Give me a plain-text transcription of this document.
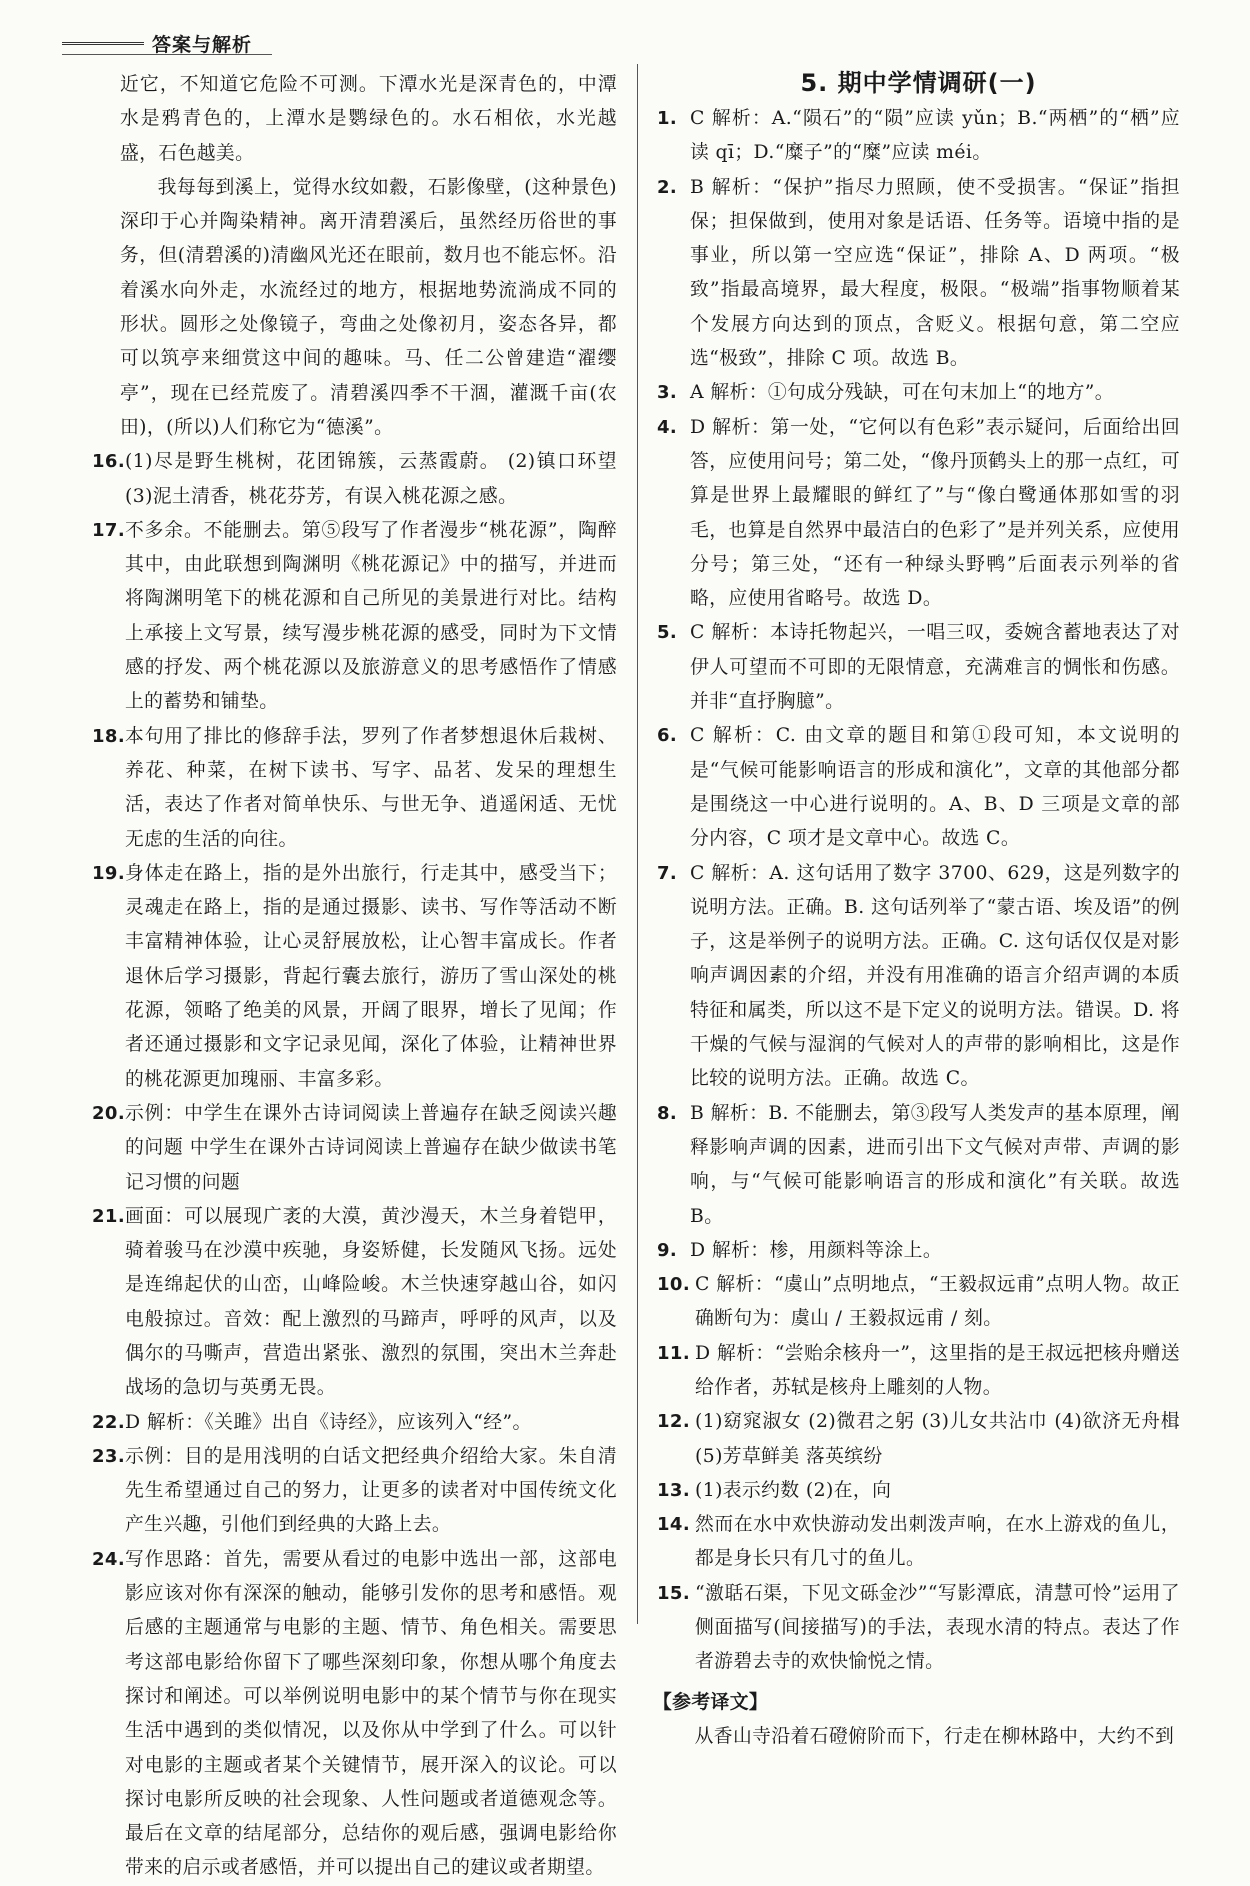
答案与解析

近它，不知道它危险不可测。下潭水光是深青色的，中潭水是鸦青色的，上潭水是鹦绿色的。水石相依，水光越盛，石色越美。

我每每到溪上，觉得水纹如縠，石影像壁，(这种景色)深印于心并陶染精神。离开清碧溪后，虽然经历俗世的事务，但(清碧溪的)清幽风光还在眼前，数月也不能忘怀。沿着溪水向外走，水流经过的地方，根据地势流淌成不同的形状。圆形之处像镜子，弯曲之处像初月，姿态各异，都可以筑亭来细赏这中间的趣味。马、任二公曾建造“濯缨亭”，现在已经荒废了。清碧溪四季不干涸，灌溉千亩(农田)，(所以)人们称它为“德溪”。

16. (1)尽是野生桃树，花团锦簇，云蒸霞蔚。 (2)镇口环望 (3)泥土清香，桃花芬芳，有误入桃花源之感。
17. 不多余。不能删去。第⑤段写了作者漫步“桃花源”，陶醉其中，由此联想到陶渊明《桃花源记》中的描写，并进而将陶渊明笔下的桃花源和自己所见的美景进行对比。结构上承接上文写景，续写漫步桃花源的感受，同时为下文情感的抒发、两个桃花源以及旅游意义的思考感悟作了情感上的蓄势和铺垫。
18. 本句用了排比的修辞手法，罗列了作者梦想退休后栽树、养花、种菜，在树下读书、写字、品茗、发呆的理想生活，表达了作者对简单快乐、与世无争、逍遥闲适、无忧无虑的生活的向往。
19. 身体走在路上，指的是外出旅行，行走其中，感受当下；灵魂走在路上，指的是通过摄影、读书、写作等活动不断丰富精神体验，让心灵舒展放松，让心智丰富成长。作者退休后学习摄影，背起行囊去旅行，游历了雪山深处的桃花源，领略了绝美的风景，开阔了眼界，增长了见闻；作者还通过摄影和文字记录见闻，深化了体验，让精神世界的桃花源更加瑰丽、丰富多彩。
20. 示例：中学生在课外古诗词阅读上普遍存在缺乏阅读兴趣的问题 中学生在课外古诗词阅读上普遍存在缺少做读书笔记习惯的问题
21. 画面：可以展现广袤的大漠，黄沙漫天，木兰身着铠甲，骑着骏马在沙漠中疾驰，身姿矫健，长发随风飞扬。远处是连绵起伏的山峦，山峰险峻。木兰快速穿越山谷，如闪电般掠过。音效：配上激烈的马蹄声，呼呼的风声，以及偶尔的马嘶声，营造出紧张、激烈的氛围，突出木兰奔赴战场的急切与英勇无畏。
22. D 解析：《关雎》出自《诗经》，应该列入“经”。
23. 示例：目的是用浅明的白话文把经典介绍给大家。朱自清先生希望通过自己的努力，让更多的读者对中国传统文化产生兴趣，引他们到经典的大路上去。
24. 写作思路：首先，需要从看过的电影中选出一部，这部电影应该对你有深深的触动，能够引发你的思考和感悟。观后感的主题通常与电影的主题、情节、角色相关。需要思考这部电影给你留下了哪些深刻印象，你想从哪个角度去探讨和阐述。可以举例说明电影中的某个情节与你在现实生活中遇到的类似情况，以及你从中学到了什么。可以针对电影的主题或者某个关键情节，展开深入的议论。可以探讨电影所反映的社会现象、人性问题或者道德观念等。最后在文章的结尾部分，总结你的观后感，强调电影给你带来的启示或者感悟，并可以提出自己的建议或者期望。
5. 期中学情调研(一)
1. C 解析：A.“陨石”的“陨”应读 yǔn；B.“两栖”的“栖”应读 qī；D.“糜子”的“糜”应读 méi。
2. B 解析：“保护”指尽力照顾，使不受损害。“保证”指担保；担保做到，使用对象是话语、任务等。语境中指的是事业，所以第一空应选“保证”，排除 A、D 两项。“极致”指最高境界，最大程度，极限。“极端”指事物顺着某个发展方向达到的顶点，含贬义。根据句意，第二空应选“极致”，排除 C 项。故选 B。
3. A 解析：①句成分残缺，可在句末加上“的地方”。
4. D 解析：第一处，“它何以有色彩”表示疑问，后面给出回答，应使用问号；第二处，“像丹顶鹤头上的那一点红，可算是世界上最耀眼的鲜红了”与“像白鹭通体那如雪的羽毛，也算是自然界中最洁白的色彩了”是并列关系，应使用分号；第三处，“还有一种绿头野鸭”后面表示列举的省略，应使用省略号。故选 D。
5. C 解析：本诗托物起兴，一唱三叹，委婉含蓄地表达了对伊人可望而不可即的无限情意，充满难言的惆怅和伤感。并非“直抒胸臆”。
6. C 解析：C. 由文章的题目和第①段可知，本文说明的是“气候可能影响语言的形成和演化”，文章的其他部分都是围绕这一中心进行说明的。A、B、D 三项是文章的部分内容，C 项才是文章中心。故选 C。
7. C 解析：A. 这句话用了数字 3700、629，这是列数字的说明方法。正确。B. 这句话列举了“蒙古语、埃及语”的例子，这是举例子的说明方法。正确。C. 这句话仅仅是对影响声调因素的介绍，并没有用准确的语言介绍声调的本质特征和属类，所以这不是下定义的说明方法。错误。D. 将干燥的气候与湿润的气候对人的声带的影响相比，这是作比较的说明方法。正确。故选 C。
8. B 解析：B. 不能删去，第③段写人类发声的基本原理，阐释影响声调的因素，进而引出下文气候对声带、声调的影响，与“气候可能影响语言的形成和演化”有关联。故选 B。
9. D 解析：椮，用颜料等涂上。
10. C 解析：“虞山”点明地点，“王毅叔远甫”点明人物。故正确断句为：虞山 / 王毅叔远甫 / 刻。
11. D 解析：“尝贻余核舟一”，这里指的是王叔远把核舟赠送给作者，苏轼是核舟上雕刻的人物。
12. (1)窈窕淑女 (2)微君之躬 (3)儿女共沾巾 (4)欲济无舟楫 (5)芳草鲜美 落英缤纷
13. (1)表示约数 (2)在，向
14. 然而在水中欢快游动发出刺泼声响，在水上游戏的鱼儿，都是身长只有几寸的鱼儿。
15. “激聒石渠，下见文砾金沙”“写影潭底，清慧可怜”运用了侧面描写(间接描写)的手法，表现水清的特点。表达了作者游碧去寺的欢快愉悦之情。
【参考译文】

从香山寺沿着石磴俯阶而下，行走在柳林路中，大约不到
